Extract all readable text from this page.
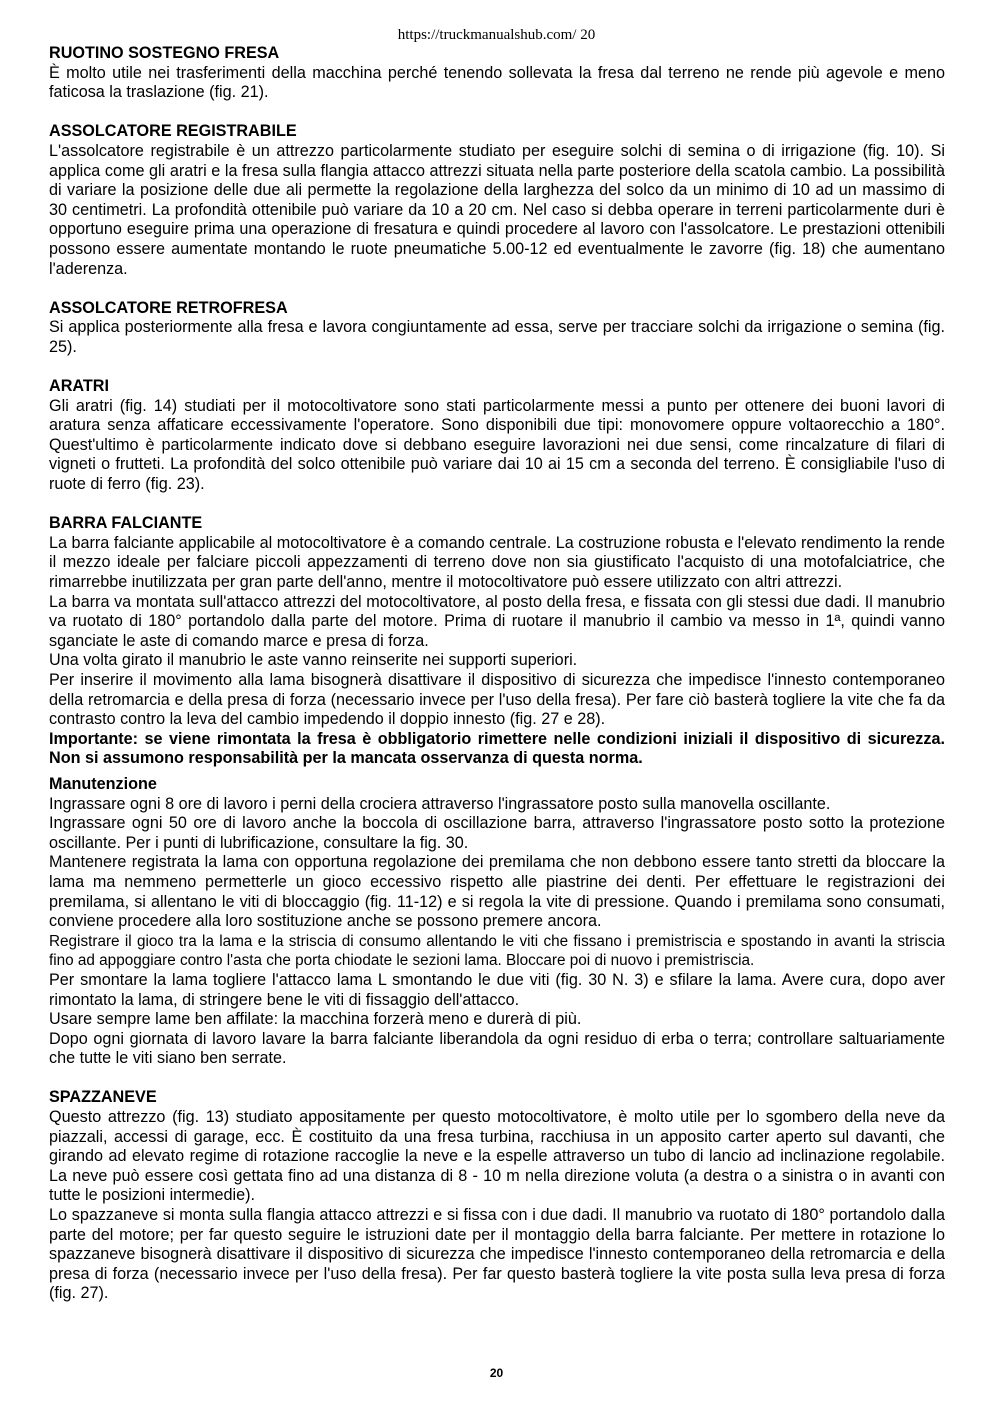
https://truckmanualshub.com/ 20
RUOTINO SOSTEGNO FRESA

È molto utile nei trasferimenti della macchina perché tenendo sollevata la fresa dal terreno ne rende più agevole e meno faticosa la traslazione (fig. 21).

ASSOLCATORE REGISTRABILE

L'assolcatore registrabile è un attrezzo particolarmente studiato per eseguire solchi di semina o di irrigazione (fig. 10). Si applica come gli aratri e la fresa sulla flangia attacco attrezzi situata nella parte posteriore della scatola cambio. La possibilità di variare la posizione delle due ali permette la regolazione della larghezza del solco da un minimo di 10 ad un massimo di 30 centimetri. La profondità ottenibile può variare da 10 a 20 cm. Nel caso si debba operare in terreni particolarmente duri è opportuno eseguire prima una operazione di fresatura e quindi procedere al lavoro con l'assolcatore. Le prestazioni ottenibili possono essere aumentate montando le ruote pneumatiche 5.00-12 ed eventualmente le zavorre (fig. 18) che aumentano l'aderenza.

ASSOLCATORE RETROFRESA

Si applica posteriormente alla fresa e lavora congiuntamente ad essa, serve per tracciare solchi da irrigazione o semina (fig. 25).

ARATRI

Gli aratri (fig. 14) studiati per il motocoltivatore sono stati particolarmente messi a punto per ottenere dei buoni lavori di aratura senza affaticare eccessivamente l'operatore. Sono disponibili due tipi: monovomere oppure voltaorecchio a 180°. Quest'ultimo è particolarmente indicato dove si debbano eseguire lavorazioni nei due sensi, come rincalzature di filari di vigneti o frutteti. La profondità del solco ottenibile può variare dai 10 ai 15 cm a seconda del terreno. È consigliabile l'uso di ruote di ferro (fig. 23).

BARRA FALCIANTE

La barra falciante applicabile al motocoltivatore è a comando centrale. La costruzione robusta e l'elevato rendimento la rende il mezzo ideale per falciare piccoli appezzamenti di terreno dove non sia giustificato l'acquisto di una motofalciatrice, che rimarrebbe inutilizzata per gran parte dell'anno, mentre il motocoltivatore può essere utilizzato con altri attrezzi.

La barra va montata sull'attacco attrezzi del motocoltivatore, al posto della fresa, e fissata con gli stessi due dadi. Il manubrio va ruotato di 180° portandolo dalla parte del motore. Prima di ruotare il manubrio il cambio va messo in 1ª, quindi vanno sganciate le aste di comando marce e presa di forza.

Una volta girato il manubrio le aste vanno reinserite nei supporti superiori.

Per inserire il movimento alla lama bisognerà disattivare il dispositivo di sicurezza che impedisce l'innesto contemporaneo della retromarcia e della presa di forza (necessario invece per l'uso della fresa). Per fare ciò basterà togliere la vite che fa da contrasto contro la leva del cambio impedendo il doppio innesto (fig. 27 e 28).

Importante: se viene rimontata la fresa è obbligatorio rimettere nelle condizioni iniziali il dispositivo di sicurezza. Non si assumono responsabilità per la mancata osservanza di questa norma.

Manutenzione

Ingrassare ogni 8 ore di lavoro i perni della crociera attraverso l'ingrassatore posto sulla manovella oscillante.

Ingrassare ogni 50 ore di lavoro anche la boccola di oscillazione barra, attraverso l'ingrassatore posto sotto la protezione oscillante. Per i punti di lubrificazione, consultare la fig. 30.

Mantenere registrata la lama con opportuna regolazione dei premilama che non debbono essere tanto stretti da bloccare la lama ma nemmeno permetterle un gioco eccessivo rispetto alle piastrine dei denti. Per effettuare le registrazioni dei premilama, si allentano le viti di bloccaggio (fig. 11-12) e si regola la vite di pressione. Quando i premilama sono consumati, conviene procedere alla loro sostituzione anche se possono premere ancora.

Registrare il gioco tra la lama e la striscia di consumo allentando le viti che fissano i premistriscia e spostando in avanti la striscia fino ad appoggiare contro l'asta che porta chiodate le sezioni lama. Bloccare poi di nuovo i premistriscia.

Per smontare la lama togliere l'attacco lama L smontando le due viti (fig. 30 N. 3) e sfilare la lama. Avere cura, dopo aver rimontato la lama, di stringere bene le viti di fissaggio dell'attacco.

Usare sempre lame ben affilate: la macchina forzerà meno e durerà di più.

Dopo ogni giornata di lavoro lavare la barra falciante liberandola da ogni residuo di erba o terra; controllare saltuariamente che tutte le viti siano ben serrate.

SPAZZANEVE

Questo attrezzo (fig. 13) studiato appositamente per questo motocoltivatore, è molto utile per lo sgombero della neve da piazzali, accessi di garage, ecc. È costituito da una fresa turbina, racchiusa in un apposito carter aperto sul davanti, che girando ad elevato regime di rotazione raccoglie la neve e la espelle attraverso un tubo di lancio ad inclinazione regolabile. La neve può essere così gettata fino ad una distanza di 8 - 10 m nella direzione voluta (a destra o a sinistra o in avanti con tutte le posizioni intermedie).

Lo spazzaneve si monta sulla flangia attacco attrezzi e si fissa con i due dadi. Il manubrio va ruotato di 180° portandolo dalla parte del motore; per far questo seguire le istruzioni date per il montaggio della barra falciante. Per mettere in rotazione lo spazzaneve bisognerà disattivare il dispositivo di sicurezza che impedisce l'innesto contemporaneo della retromarcia e della presa di forza (necessario invece per l'uso della fresa). Per far questo basterà togliere la vite posta sulla leva presa di forza (fig. 27).

20
